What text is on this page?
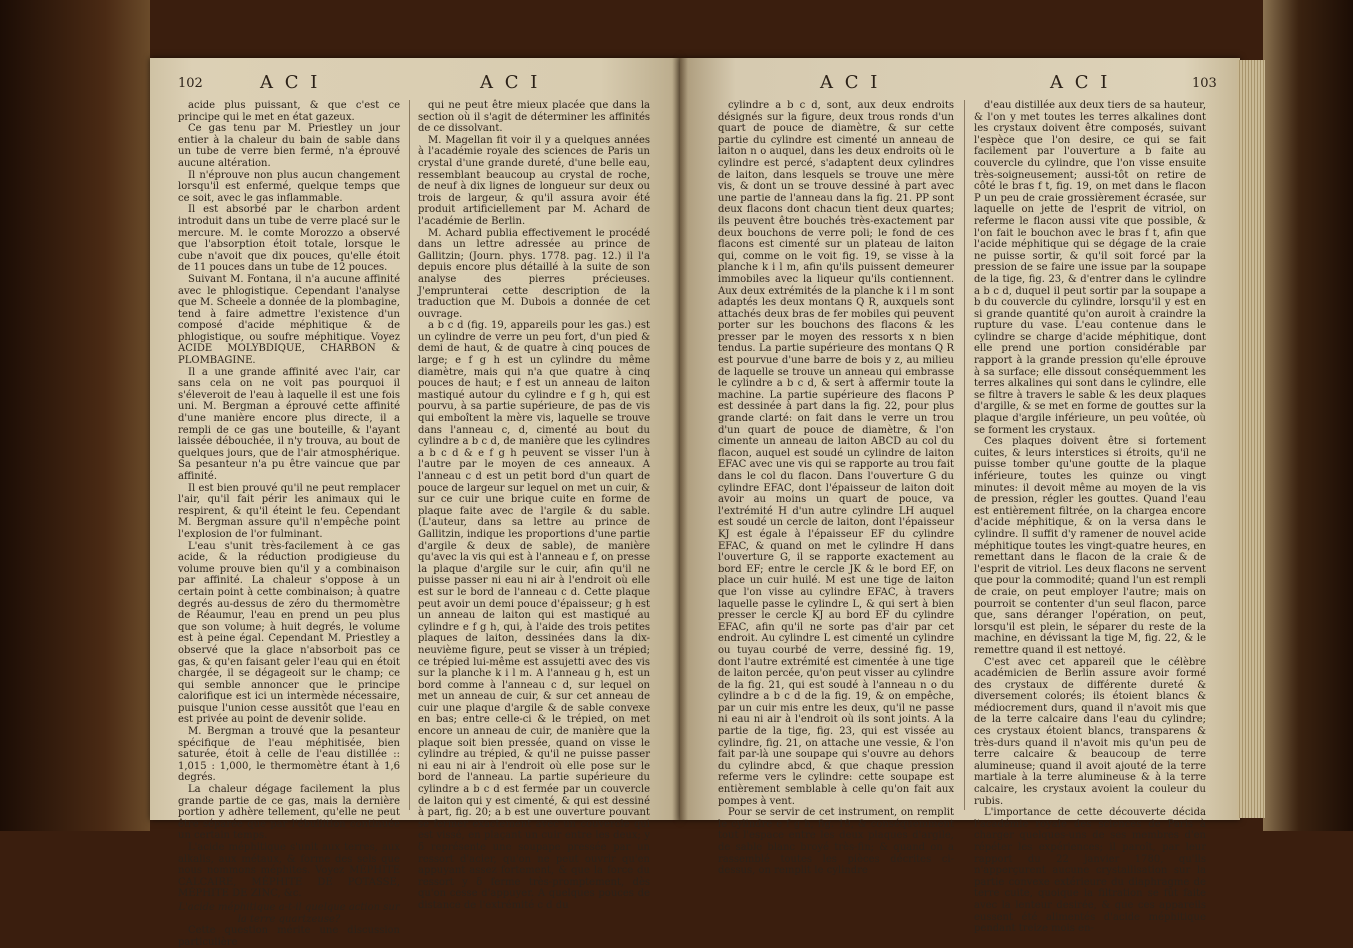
102	A C I	A C I

acide plus puissant, & que c'est ce principe qui le met en état gazeux.

Ce gas tenu par M. Priestley un jour entier à la chaleur du bain de sable dans un tube de verre bien fermé, n'a éprouvé aucune altération.

Il n'éprouve non plus aucun changement lorsqu'il est enfermé, quelque temps que ce soit, avec le gas inflammable.

Il est absorbé par le charbon ardent introduit dans un tube de verre placé sur le mercure. M. le comte Morozzo a observé que l'absorption étoit totale, lorsque le cube n'avoit que dix pouces, qu'elle étoit de 11 pouces dans un tube de 12 pouces.

Suivant M. Fontana, il n'a aucune affinité avec le phlogistique. Cependant l'analyse que M. Scheele a donnée de la plombagine, tend à faire admettre l'existence d'un composé d'acide méphitique & de phlogistique, ou soufre méphitique. Voyez ACIDE MOLYBDIQUE, CHARBON & PLOMBAGINE.

Il a une grande affinité avec l'air, car sans cela on ne voit pas pourquoi il s'éleveroit de l'eau à laquelle il est une fois uni. M. Bergman a éprouvé cette affinité d'une manière encore plus directe, il a rempli de ce gas une bouteille, & l'ayant laissée débouchée, il n'y trouva, au bout de quelques jours, que de l'air atmosphérique. Sa pesanteur n'a pu être vaincue que par affinité.

Il est bien prouvé qu'il ne peut remplacer l'air, qu'il fait périr les animaux qui le respirent, & qu'il éteint le feu. Cependant M. Bergman assure qu'il n'empêche point l'explosion de l'or fulminant.

L'eau s'unit très-facilement à ce gas acide, & la réduction prodigieuse du volume prouve bien qu'il y a combinaison par affinité. La chaleur s'oppose à un certain point à cette combinaison; à quatre degrés au-dessus de zéro du thermomètre de Réaumur, l'eau en prend un peu plus que son volume; à huit degrés, le volume est à peine égal. Cependant M. Priestley a observé que la glace n'absorboit pas ce gas, & qu'en faisant geler l'eau qui en étoit chargée, il se dégageoit sur le champ; ce qui semble annoncer que le principe calorifique est ici un intermède nécessaire, puisque l'union cesse aussitôt que l'eau en est privée au point de devenir solide.

M. Bergman a trouvé que la pesanteur spécifique de l'eau méphitisée, bien saturée, étoit à celle de l'eau distillée :: 1,015 : 1,000, le thermomètre étant à 1,6 degrés.

La chaleur dégage facilement la plus grande partie de ce gas, mais la dernière portion y adhère tellement, qu'elle ne peut être séparée que par l'ébullition continuée un certain temps.

L'acide méphitique s'unit aux terres, aux alkalis, aux métaux, & forme des sels que nous nommons méphites. Voyez MÉPHITE CALCAIRE, MÉPHITE DE POTASSE, MÉPHITE DE ZINC, &c.

L'acide méphitique a-t-il quelque action sur la terre quartzeuse?

Cette question mérite une discussion particulière

qui ne peut être mieux placée que dans la section où il s'agit de déterminer les affinités de ce dissolvant.

M. Magellan fit voir il y a quelques années à l'académie royale des sciences de Paris un crystal d'une grande dureté, d'une belle eau, ressemblant beaucoup au crystal de roche, de neuf à dix lignes de longueur sur deux ou trois de largeur, & qu'il assura avoir été produit artificiellement par M. Achard de l'académie de Berlin.

M. Achard publia effectivement le procédé dans un lettre adressée au prince de Gallitzin; (Journ. phys. 1778. pag. 12.) il l'a depuis encore plus détaillé à la suite de son analyse des pierres précieuses. J'emprunterai cette description de la traduction que M. Dubois a donnée de cet ouvrage.

a b c d (fig. 19, appareils pour les gas.) est un cylindre de verre un peu fort, d'un pied & demi de haut, & de quatre à cinq pouces de large; e f g h est un cylindre du même diamètre, mais qui n'a que quatre à cinq pouces de haut; e f est un anneau de laiton mastiqué autour du cylindre e f g h, qui est pourvu, à sa partie supérieure, de pas de vis qui emboîtent la mère vis, laquelle se trouve dans l'anneau c, d, cimenté au bout du cylindre a b c d, de manière que les cylindres a b c d & e f g h peuvent se visser l'un à l'autre par le moyen de ces anneaux. A l'anneau c d est un petit bord d'un quart de pouce de largeur sur lequel on met un cuir, & sur ce cuir une brique cuite en forme de plaque faite avec de l'argile & du sable. (L'auteur, dans sa lettre au prince de Gallitzin, indique les proportions d'une partie d'argile & deux de sable), de manière qu'avec la vis qui est à l'anneau e f, on presse la plaque d'argile sur le cuir, afin qu'il ne puisse passer ni eau ni air à l'endroit où elle est sur le bord de l'anneau c d. Cette plaque peut avoir un demi pouce d'épaisseur; g h est un anneau de laiton qui est mastiqué au cylindre e f g h, qui, à l'aide des trois petites plaques de laiton, dessinées dans la dix-neuvième figure, peut se visser à un trépied; ce trépied lui-même est assujetti avec des vis sur la planche k i l m. A l'anneau g h, est un bord comme à l'anneau c d, sur lequel on met un anneau de cuir, & sur cet anneau de cuir une plaque d'argile & de sable convexe en bas; entre celle-ci & le trépied, on met encore un anneau de cuir, de manière que la plaque soit bien pressée, quand on visse le cylindre au trépied, & qu'il ne puisse passer ni eau ni air à l'endroit où elle pose sur le bord de l'anneau. La partie supérieure du cylindre a b c d est fermée par un couvercle de laiton qui y est cimenté, & qui est dessiné à part, fig. 20; a b est une ouverture pouvant se fermer exactement avec un couvercle qui est vissé, en plaçant un cuir entre les deux; y δ représente une soupape pressée par un ressort d'acier, qu'on ne peut ouvrir qu'en appuyant assez fortement, & que la force du ressort y δ ferme très-promptement, dès qu'on cesse d'appuyer. A quelques pouces de distance de l'extrémité c d du

A C I	A C I	103

cylindre a b c d, sont, aux deux endroits désignés sur la figure, deux trous ronds d'un quart de pouce de diamètre, & sur cette partie du cylindre est cimenté un anneau de laiton n o auquel, dans les deux endroits où le cylindre est percé, s'adaptent deux cylindres de laiton, dans lesquels se trouve une mère vis, & dont un se trouve dessiné à part avec une partie de l'anneau dans la fig. 21. PP sont deux flacons dont chacun tient deux quartes; ils peuvent être bouchés très-exactement par deux bouchons de verre poli; le fond de ces flacons est cimenté sur un plateau de laiton qui, comme on le voit fig. 19, se visse à la planche k i l m, afin qu'ils puissent demeurer immobiles avec la liqueur qu'ils contiennent. Aux deux extrémités de la planche k i l m sont adaptés les deux montans Q R, auxquels sont attachés deux bras de fer mobiles qui peuvent porter sur les bouchons des flacons & les presser par le moyen des ressorts x n bien tendus. La partie supérieure des montans Q R est pourvue d'une barre de bois y z, au milieu de laquelle se trouve un anneau qui embrasse le cylindre a b c d, & sert à affermir toute la machine. La partie supérieure des flacons P est dessinée à part dans la fig. 22, pour plus grande clarté: on fait dans le verre un trou d'un quart de pouce de diamètre, & l'on cimente un anneau de laiton ABCD au col du flacon, auquel est soudé un cylindre de laiton EFAC avec une vis qui se rapporte au trou fait dans le col du flacon. Dans l'ouverture G du cylindre EFAC, dont l'épaisseur de laiton doit avoir au moins un quart de pouce, va l'extrémité H d'un autre cylindre LH auquel est soudé un cercle de laiton, dont l'épaisseur KJ est égale à l'épaisseur EF du cylindre EFAC, & quand on met le cylindre H dans l'ouverture G, il se rapporte exactement au bord EF; entre le cercle JK & le bord EF, on place un cuir huilé. M est une tige de laiton que l'on visse au cylindre EFAC, à travers laquelle passe le cylindre L, & qui sert à bien presser le cercle KJ au bord EF du cylindre EFAC, afin qu'il ne sorte pas d'air par cet endroit. Au cylindre L est cimenté un cylindre ou tuyau courbé de verre, dessiné fig. 19, dont l'autre extrémité est cimentée à une tige de laiton percée, qu'on peut visser au cylindre de la fig. 21, qui est soudé à l'anneau n o du cylindre a b c d de la fig. 19, & on empêche, par un cuir mis entre les deux, qu'il ne passe ni eau ni air à l'endroit où ils sont joints. A la partie de la tige, fig. 23, qui est vissée au cylindre, fig. 21, on attache une vessie, & l'on fait par-là une soupape qui s'ouvre au dehors du cylindre abcd, & que chaque pression referme vers le cylindre: cette soupape est entièrement semblable à celle qu'on fait aux pompes à vent.

Pour se servir de cet instrument, on remplit le cylindre e f g h, fig. 19, & conséquemment tout l'espace entre les deux plaques d'argile, de sable blanc broyé très-fin; & quand on a rassemblé toutes les pièces décrites ci-dessus, on remplit le cylindre

d'eau distillée aux deux tiers de sa hauteur, & l'on y met toutes les terres alkalines dont les crystaux doivent être composés, suivant l'espèce que l'on desire, ce qui se fait facilement par l'ouverture a b faite au couvercle du cylindre, que l'on visse ensuite très-soigneusement; aussi-tôt on retire de côté le bras f t, fig. 19, on met dans le flacon P un peu de craie grossièrement écrasée, sur laquelle on jette de l'esprit de vitriol, on referme le flacon aussi vite que possible, & l'on fait le bouchon avec le bras f t, afin que l'acide méphitique qui se dégage de la craie ne puisse sortir, & qu'il soit forcé par la pression de se faire une issue par la soupape de la tige, fig. 23, & d'entrer dans le cylindre a b c d, duquel il peut sortir par la soupape a b du couvercle du cylindre, lorsqu'il y est en si grande quantité qu'on auroit à craindre la rupture du vase. L'eau contenue dans le cylindre se charge d'acide méphitique, dont elle prend une portion considérable par rapport à la grande pression qu'elle éprouve à sa surface; elle dissout conséquemment les terres alkalines qui sont dans le cylindre, elle se filtre à travers le sable & les deux plaques d'argille, & se met en forme de gouttes sur la plaque d'argile inférieure, un peu voûtée, où se forment les crystaux.

Ces plaques doivent être si fortement cuites, & leurs interstices si étroits, qu'il ne puisse tomber qu'une goutte de la plaque inférieure, toutes les quinze ou vingt minutes: il devoit même au moyen de la vis de pression, régler les gouttes. Quand l'eau est entièrement filtrée, on la chargea encore d'acide méphitique, & on la versa dans le cylindre. Il suffit d'y ramener de nouvel acide méphitique toutes les vingt-quatre heures, en remettant dans le flacon de la craie & de l'esprit de vitriol. Les deux flacons ne servent que pour la commodité; quand l'un est rempli de craie, on peut employer l'autre; mais on pourroit se contenter d'un seul flacon, parce que, sans déranger l'opération, on peut, lorsqu'il est plein, le séparer du reste de la machine, en dévissant la tige M, fig. 22, & le remettre quand il est nettoyé.

C'est avec cet appareil que le célèbre académicien de Berlin assure avoir formé des crystaux de différente dureté & diversement colorés; ils étoient blancs & médiocrement durs, quand il n'avoit mis que de la terre calcaire dans l'eau du cylindre; ces crystaux étoient blancs, transparens & très-durs quand il n'avoit mis qu'un peu de terre calcaire & beaucoup de terre alumineuse; quand il avoit ajouté de la terre martiale à la terre alumineuse & à la terre calcaire, les crystaux avoient la couleur du rubis.

L'importance de cette découverte décida l'académie royale des sciences de Paris à charger quelques-uns de ses membres d'en répéter les expériences; il paroît, par leur rapport du 22 janvier 1780, qu'ils n'apperçurent aucune crystallisation sur la partie convexe extérieure du diaphragme de terre cuite, quoique la filtration se fût faite avec la lenteur desirée, & que ces appareils eussent été alimentés d'acide méphitique pendant treize mois en-
